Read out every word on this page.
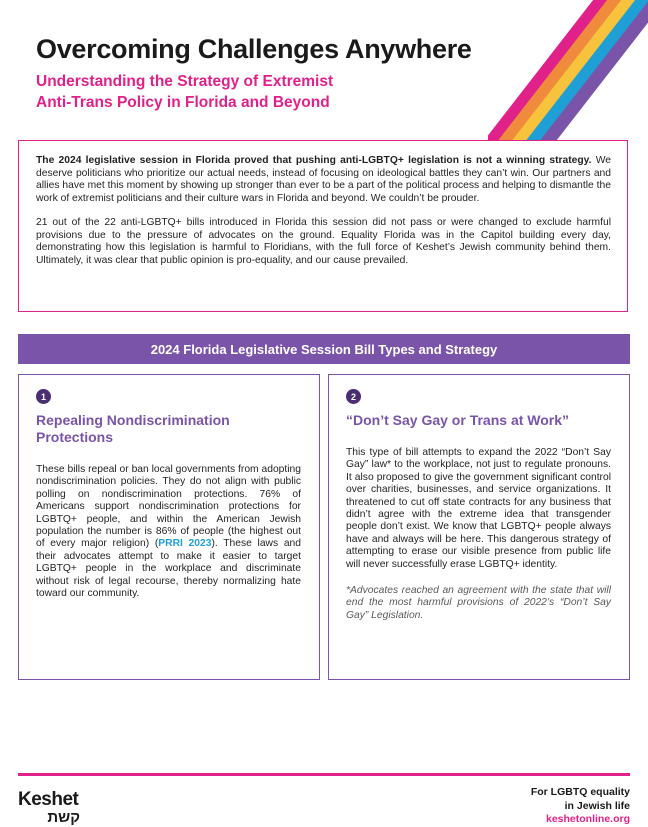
Overcoming Challenges Anywhere
Understanding the Strategy of Extremist
Anti-Trans Policy in Florida and Beyond

The 2024 legislative session in Florida proved that pushing anti-LGBTQ+ legislation is not a winning strategy. We deserve politicians who prioritize our actual needs, instead of focusing on ideological battles they can’t win. Our partners and allies have met this moment by showing up stronger than ever to be a part of the political process and helping to dismantle the work of extremist politicians and their culture wars in Florida and beyond. We couldn’t be prouder.

21 out of the 22 anti-LGBTQ+ bills introduced in Florida this session did not pass or were changed to exclude harmful provisions due to the pressure of advocates on the ground. Equality Florida was in the Capitol building every day, demonstrating how this legislation is harmful to Floridians, with the full force of Keshet’s Jewish community behind them. Ultimately, it was clear that public opinion is pro-equality, and our cause prevailed.

2024 Florida Legislative Session Bill Types and Strategy
1
Repealing Nondiscrimination
Protections

These bills repeal or ban local governments from adopting nondiscrimination policies. They do not align with public polling on nondiscrimination protections. 76% of Americans support nondiscrimination protections for LGBTQ+ people, and within the American Jewish population the number is 86% of people (the highest out of every major religion) (PRRI 2023). These laws and their advocates attempt to make it easier to target LGBTQ+ people in the workplace and discriminate without risk of legal recourse, thereby normalizing hate toward our community.

2
“Don’t Say Gay or Trans at Work”

This type of bill attempts to expand the 2022 “Don’t Say Gay” law* to the workplace, not just to regulate pronouns. It also proposed to give the government significant control over charities, businesses, and service organizations. It threatened to cut off state contracts for any business that didn’t agree with the extreme idea that transgender people don’t exist. We know that LGBTQ+ people always have and always will be here. This dangerous strategy of attempting to erase our visible presence from public life will never successfully erase LGBTQ+ identity.

*Advocates reached an agreement with the state that will end the most harmful provisions of 2022’s “Don’t Say Gay” Legislation.

Keshet
קשת
For LGBTQ equality
in Jewish life
keshetonline.org
